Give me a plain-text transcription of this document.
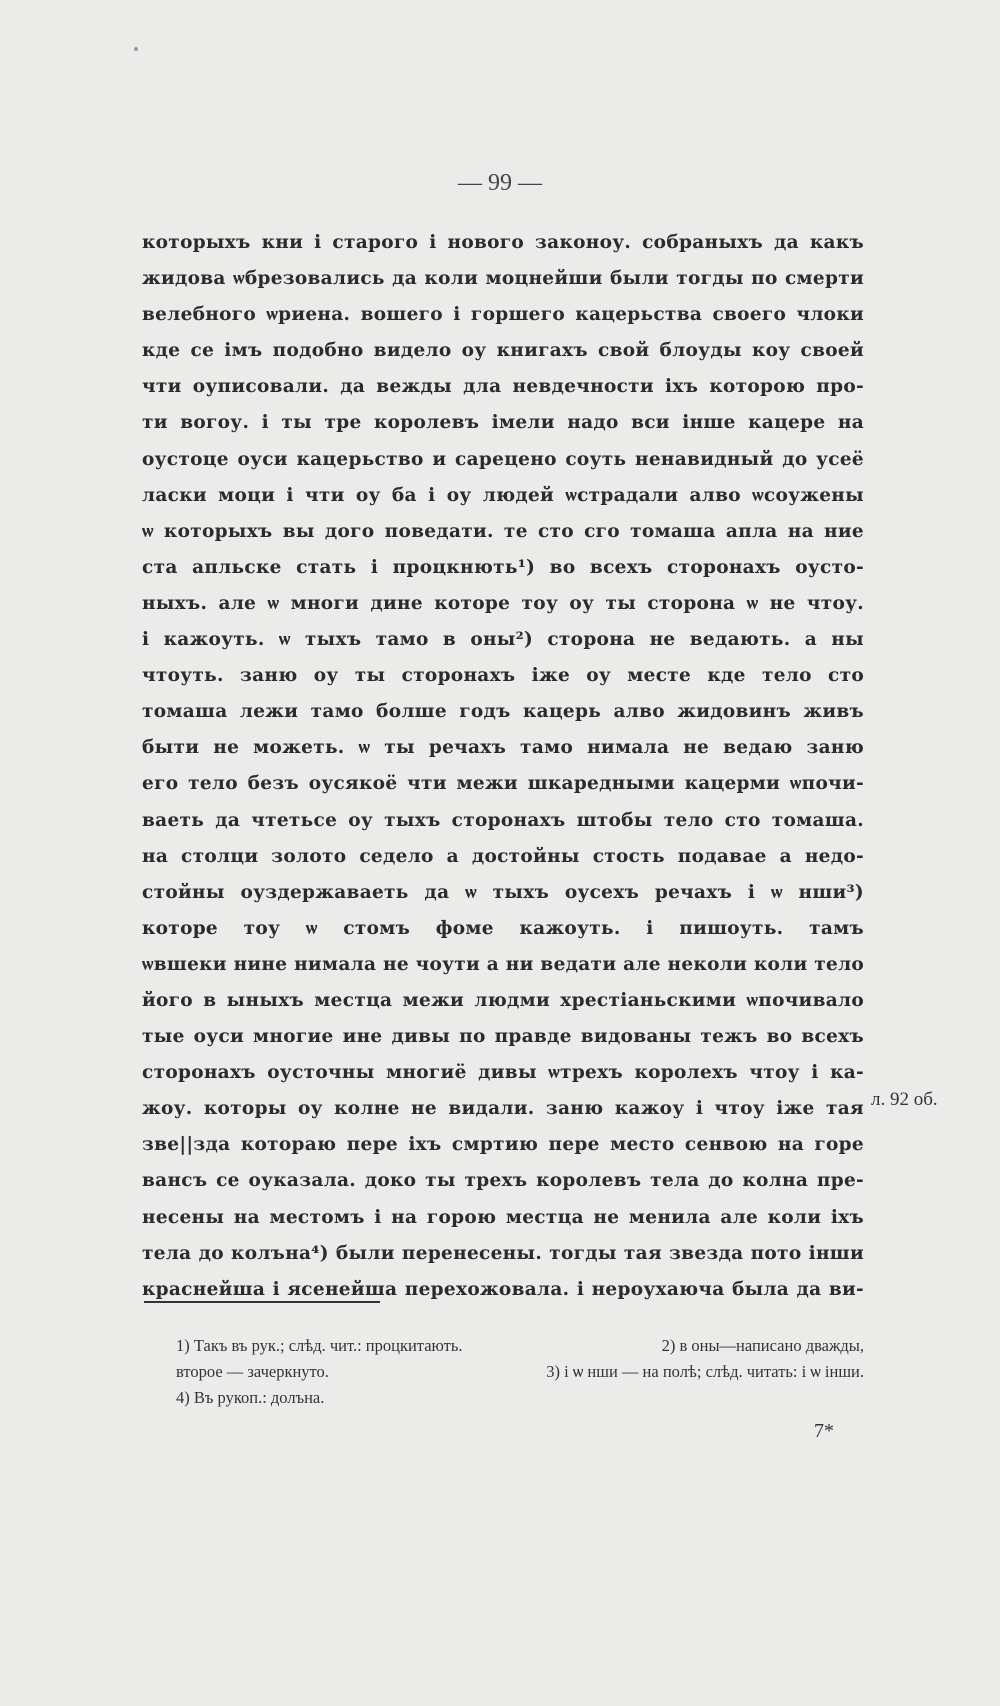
— 99 —
которыхъ кни і старого і нового законоу. собраныхъ да какъ
жидова ѡбрезовались да коли моцнейши были тогды по смерти
велебного ѡриена. вошего і горшего кацерьства своего члоки
кде се імъ подобно видело оу книгахъ свой блоуды коу своей
чти оуписовали. да вежды дла невдечности іхъ которою про-
ти вогоу. і ты тре королевъ імели надо вси інше кацере на
оустоце оуси кацерьство и сарецено соуть ненавидный до усеё
ласки моци і чти оу ба і оу людей ѡстрадали алво ѡсоужены
ѡ которыхъ вы дого поведати. те сто сго томаша апла на ние
ста апльске стать і процкнють¹) во всехъ сторонахъ оусто-
ныхъ. але ѡ многи дине которе тоу оу ты сторона ѡ не чтоу.
і кажоуть. ѡ тыхъ тамо в оны²) сторона не ведають. а ны
чтоуть. заню оу ты сторонахъ іже оу месте кде тело сто
томаша лежи тамо болше годъ кацерь алво жидовинъ живъ
быти не можеть. ѡ ты речахъ тамо нимала не ведаю заню
его тело безъ оусякоё чти межи шкаредными кацерми ѡпочи-
ваеть да чтетьсе оу тыхъ сторонахъ штобы тело сто томаша.
на столци золото седело а достойны стость подавае а недо-
стойны оуздержаваеть да ѡ тыхъ оусехъ речахъ і ѡ нши³)
которе тоу ѡ стомъ фоме кажоуть. і пишоуть. тамъ
ѡвшеки нине нимала не чоути а ни ведати але неколи коли тело
його в ыныхъ местца межи людми хрестіаньскими ѡпочивало
тые оуси многие ине дивы по правде видованы тежъ во всехъ
сторонахъ оусточны многиё дивы ѡтрехъ королехъ чтоу і ка-
жоу. которы оу колне не видали. заню кажоу і чтоу іже тая
зве||зда котораю пере іхъ смртию пере место сенвою на горе
вансъ се оуказала. доко ты трехъ королевъ тела до колна пре-
несены на местомъ і на горою местца не менила але коли іхъ
тела до колъна⁴) были перенесены. тогды тая звезда пото інши
краснейша і ясенейша перехожовала. і нероухаюча была да ви-
л. 92 об.
1) Такъ въ рук.; слѣд. чит.: процкитають.	2) в оны—написано дважды,
второе — зачеркнуто.	3) і ѡ нши — на полѣ; слѣд. читать: і ѡ інши.
4) Въ рукоп.: долъна.
7*
